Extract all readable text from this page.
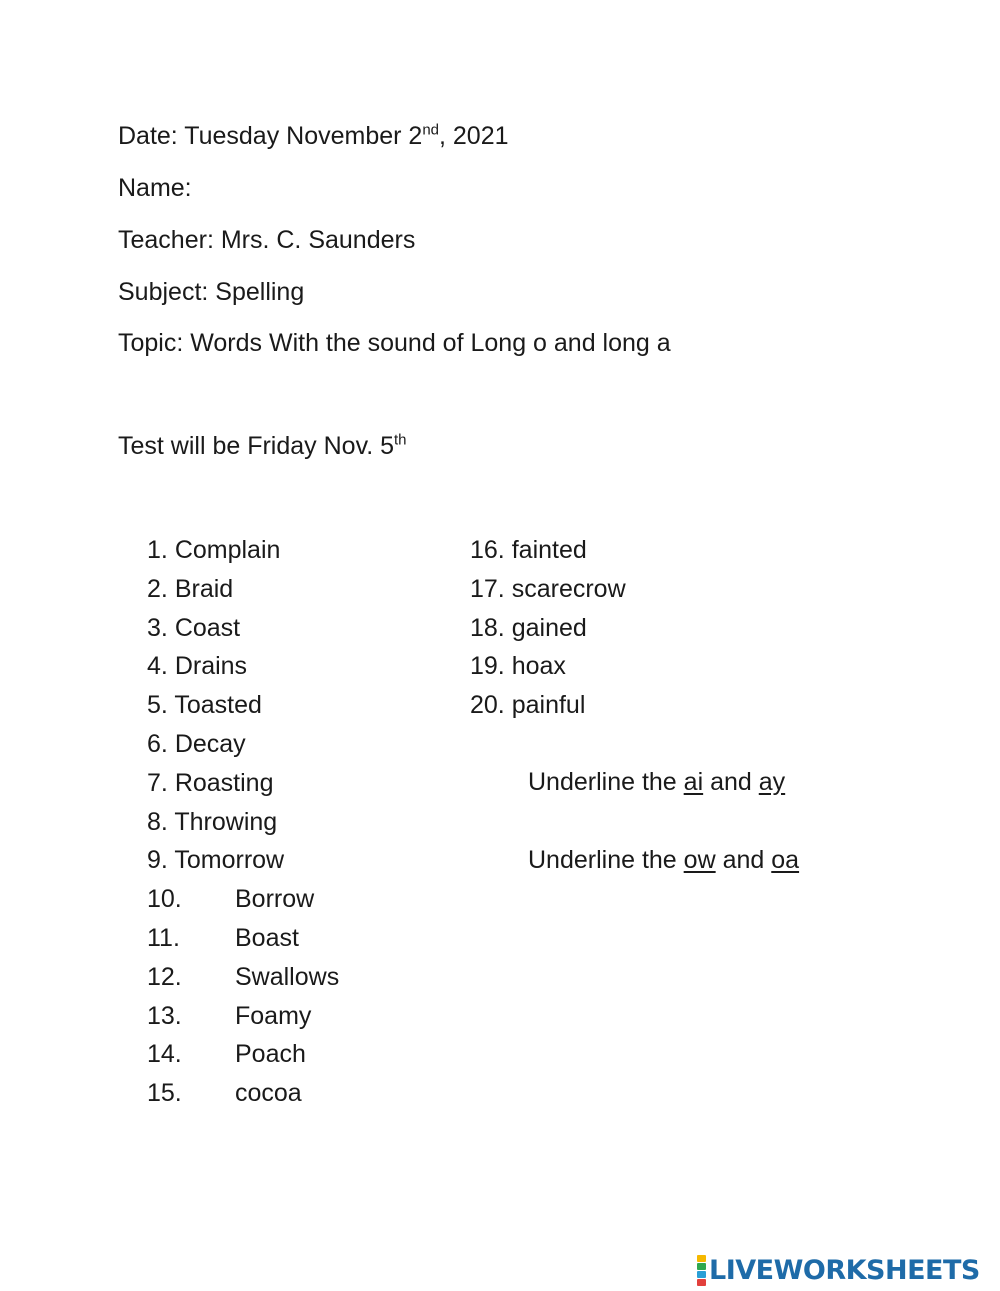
Date: Tuesday November 2nd, 2021
Name:
Teacher: Mrs. C. Saunders
Subject: Spelling
Topic: Words With the sound of Long o and long a
Test will be Friday Nov. 5th
1. Complain
2. Braid
3. Coast
4. Drains
5. Toasted
6. Decay
7. Roasting
8. Throwing
9. Tomorrow
10. Borrow
11. Boast
12. Swallows
13. Foamy
14. Poach
15. cocoa
16. fainted
17. scarecrow
18. gained
19. hoax
20. painful
Underline the ai and ay
Underline the ow and oa
LIVEWORKSHEETS
